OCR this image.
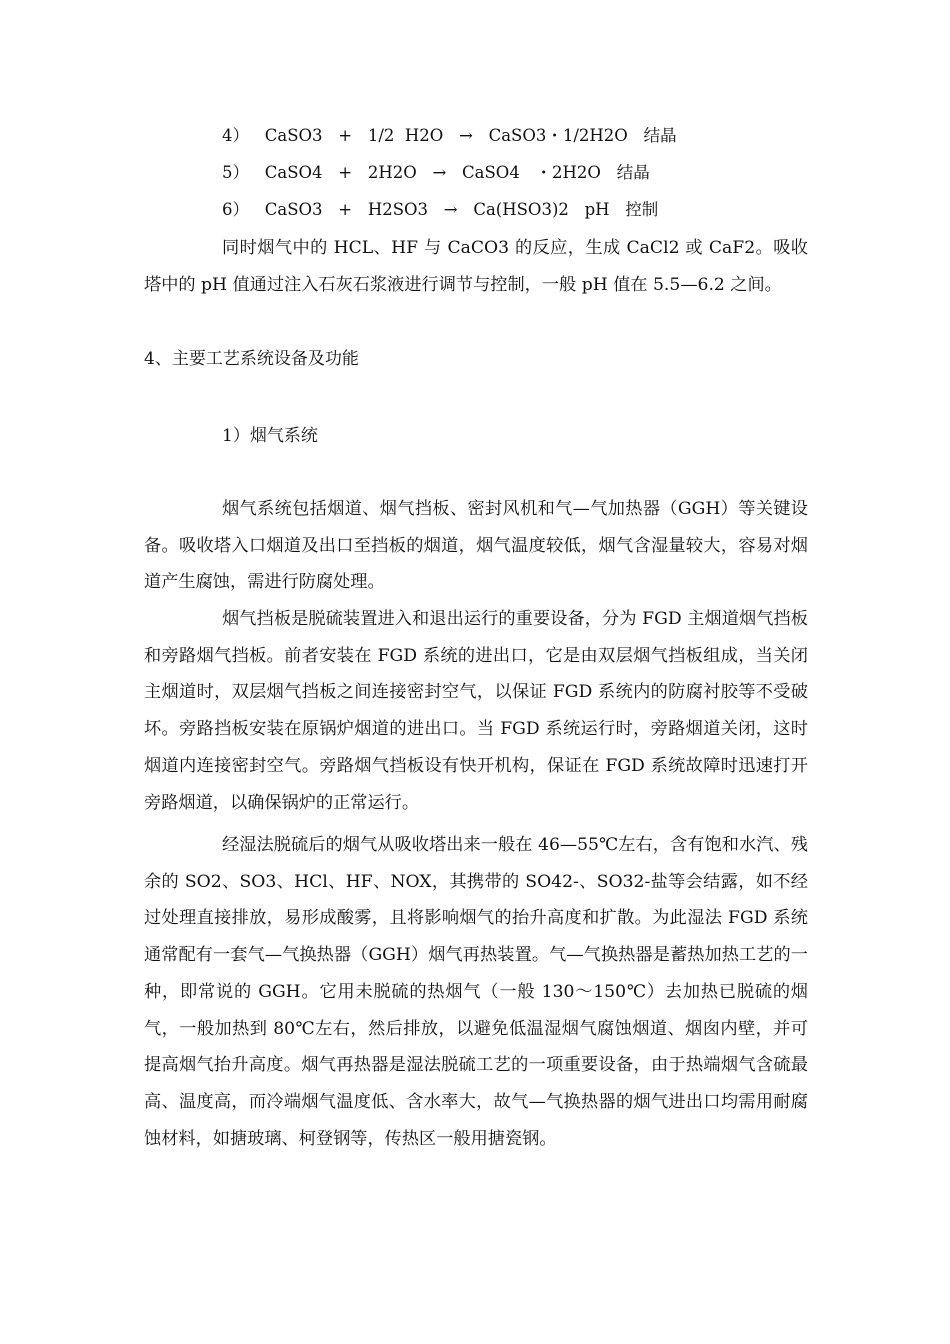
4）   CaSO3   +   1/2  H2O   →   CaSO3・1/2H2O   结晶
5）   CaSO4   +   2H2O   →   CaSO4   ・2H2O   结晶
6）   CaSO3   +   H2SO3   →   Ca(HSO3)2   pH   控制

同时烟气中的 HCL、HF 与 CaCO3 的反应，生成 CaCl2 或 CaF2。吸收塔中的 pH 值通过注入石灰石浆液进行调节与控制，一般 pH 值在 5.5—6.2 之间。

4、主要工艺系统设备及功能
1）烟气系统

烟气系统包括烟道、烟气挡板、密封风机和气—气加热器（GGH）等关键设备。吸收塔入口烟道及出口至挡板的烟道，烟气温度较低，烟气含湿量较大，容易对烟道产生腐蚀，需进行防腐处理。

烟气挡板是脱硫装置进入和退出运行的重要设备，分为 FGD 主烟道烟气挡板和旁路烟气挡板。前者安装在 FGD 系统的进出口，它是由双层烟气挡板组成，当关闭主烟道时，双层烟气挡板之间连接密封空气，以保证 FGD 系统内的防腐衬胶等不受破坏。旁路挡板安装在原锅炉烟道的进出口。当 FGD 系统运行时，旁路烟道关闭，这时烟道内连接密封空气。旁路烟气挡板设有快开机构，保证在 FGD 系统故障时迅速打开旁路烟道，以确保锅炉的正常运行。

经湿法脱硫后的烟气从吸收塔出来一般在 46—55℃左右，含有饱和水汽、残余的 SO2、SO3、HCl、HF、NOX，其携带的 SO42-、SO32-盐等会结露，如不经过处理直接排放，易形成酸雾，且将影响烟气的抬升高度和扩散。为此湿法 FGD 系统通常配有一套气—气换热器（GGH）烟气再热装置。气—气换热器是蓄热加热工艺的一种，即常说的 GGH。它用未脱硫的热烟气（一般 130～150℃）去加热已脱硫的烟气，一般加热到 80℃左右，然后排放，以避免低温湿烟气腐蚀烟道、烟囱内壁，并可提高烟气抬升高度。烟气再热器是湿法脱硫工艺的一项重要设备，由于热端烟气含硫最高、温度高，而冷端烟气温度低、含水率大，故气—气换热器的烟气进出口均需用耐腐蚀材料，如搪玻璃、柯登钢等，传热区一般用搪瓷钢。
